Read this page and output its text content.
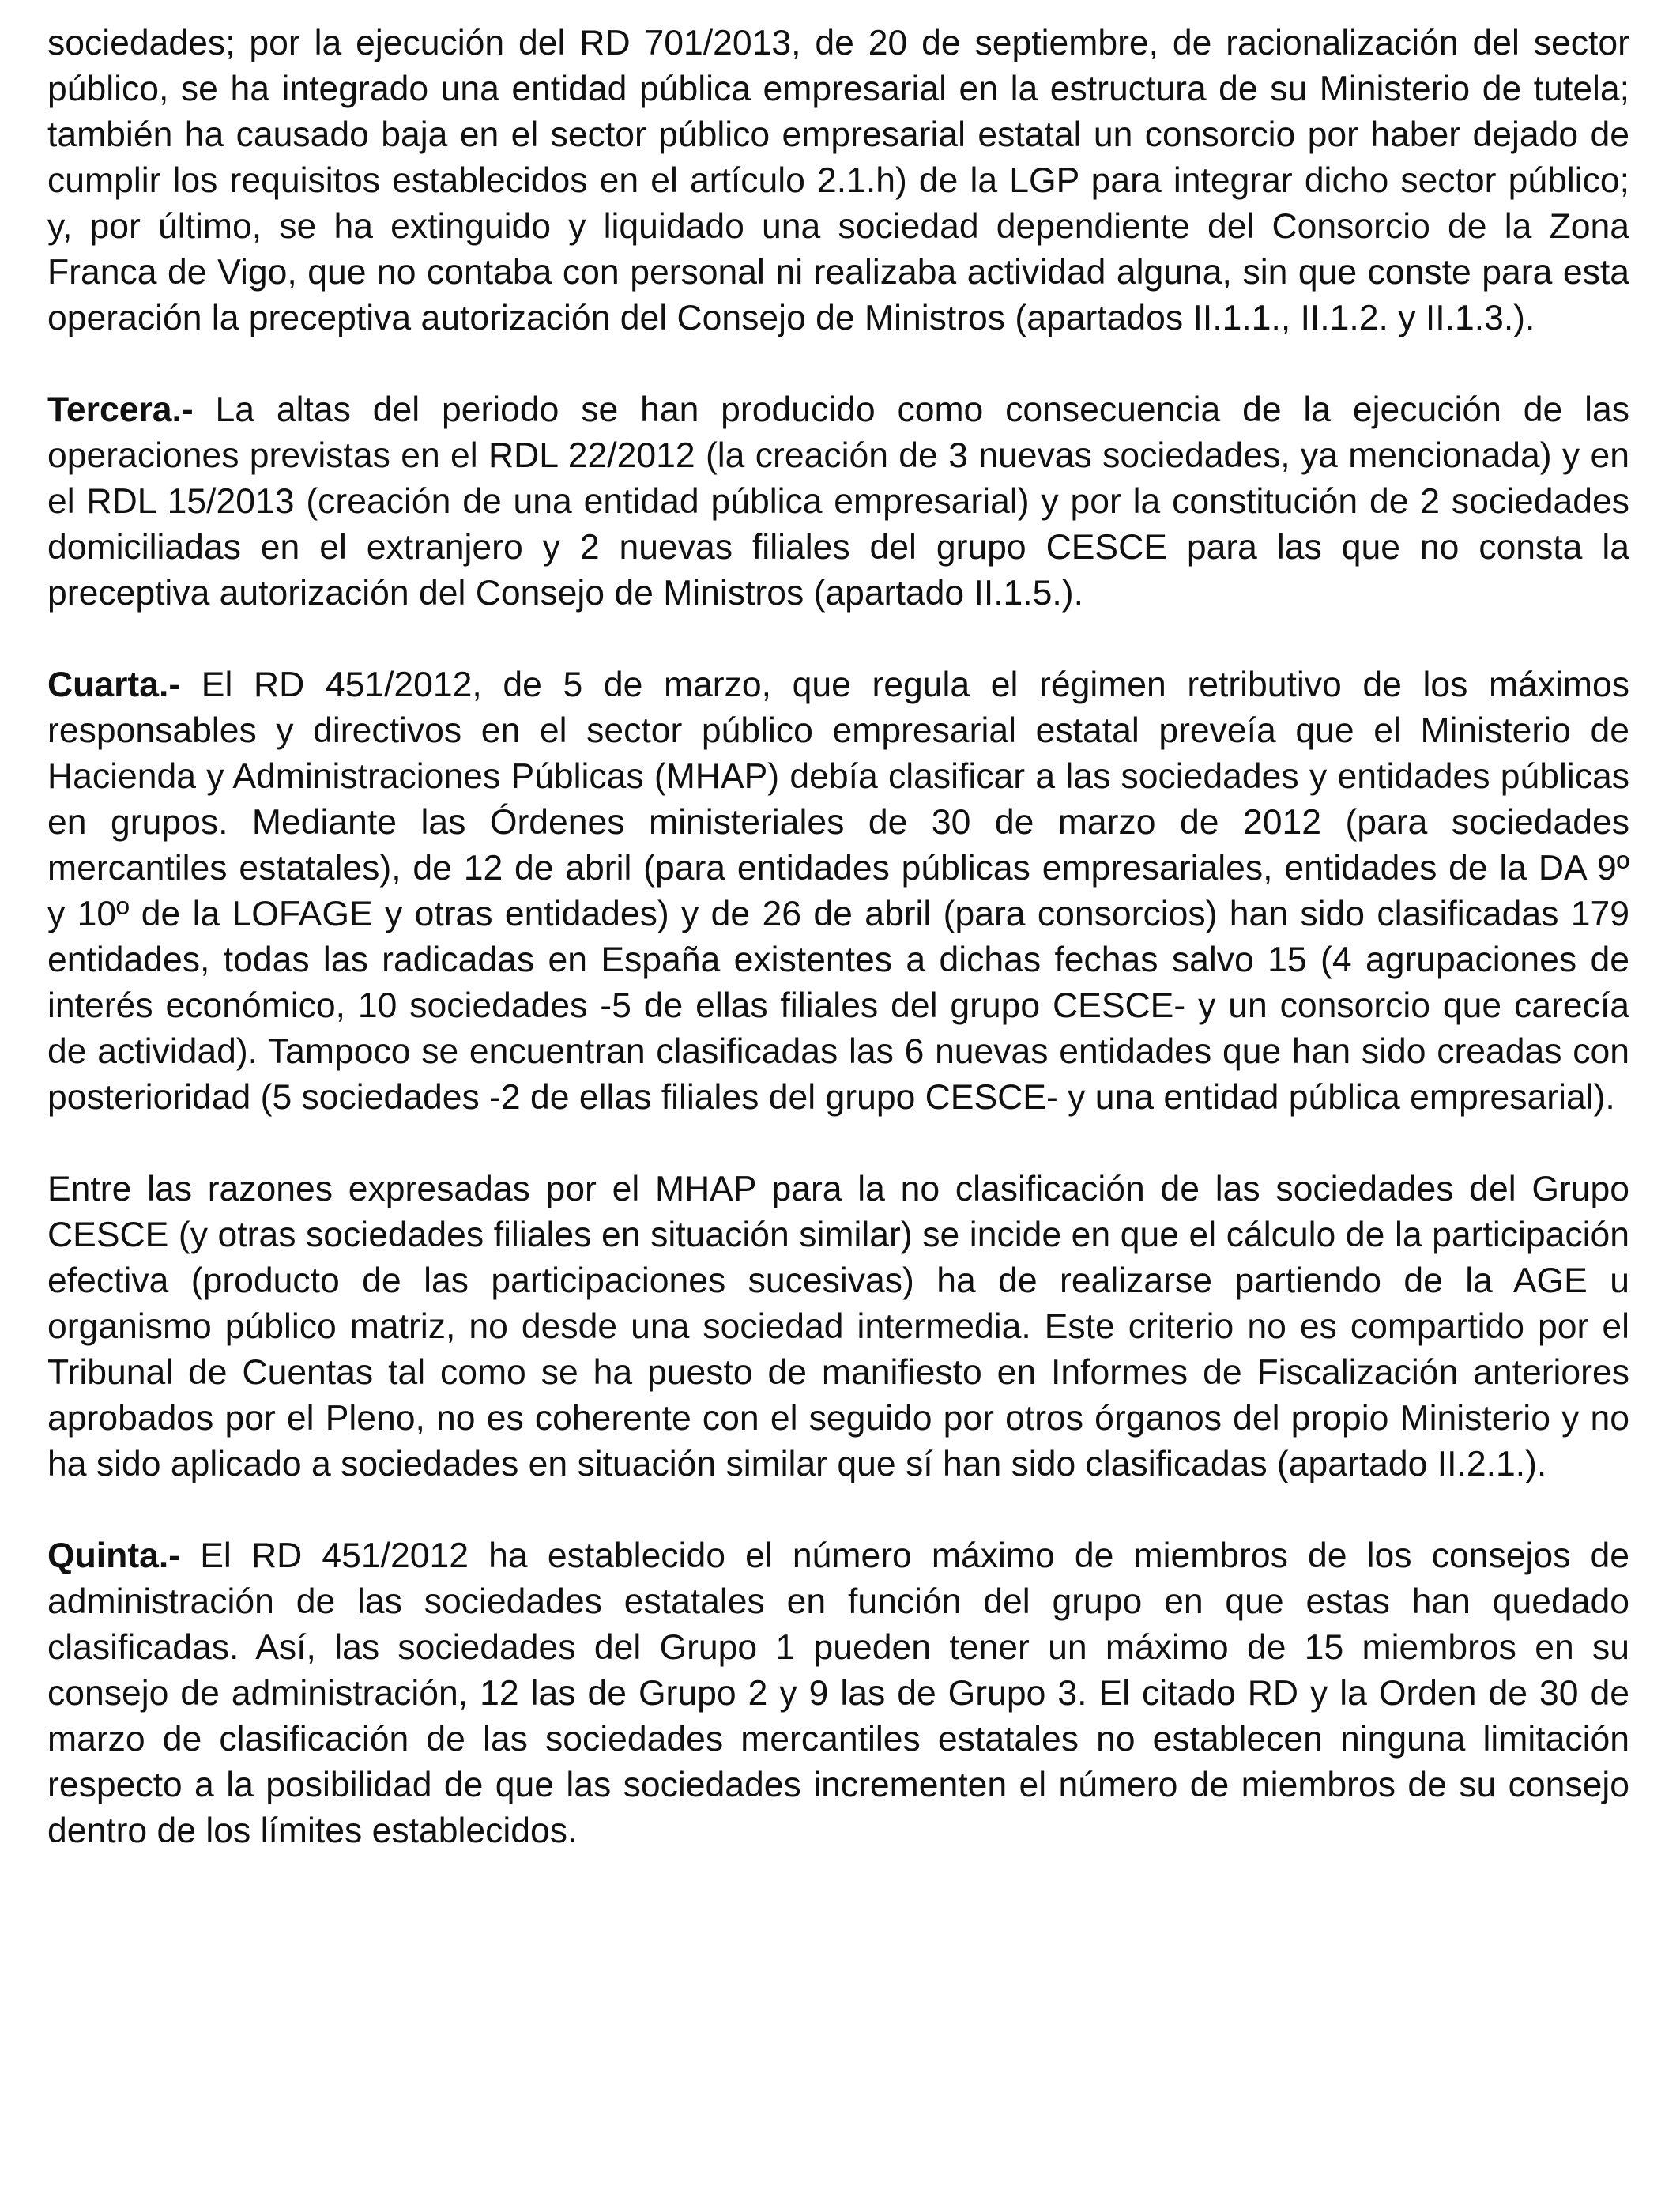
sociedades; por la ejecución del RD 701/2013, de 20 de septiembre, de racionalización del sector público, se ha integrado una entidad pública empresarial en la estructura de su Ministerio de tutela; también ha causado baja en el sector público empresarial estatal un consorcio por haber dejado de cumplir los requisitos establecidos en el artículo 2.1.h) de la LGP para integrar dicho sector público; y, por último, se ha extinguido y liquidado una sociedad dependiente del Consorcio de la Zona Franca de Vigo, que no contaba con personal ni realizaba actividad alguna, sin que conste para esta operación la preceptiva autorización del Consejo de Ministros (apartados II.1.1., II.1.2. y II.1.3.).

Tercera.- La altas del periodo se han producido como consecuencia de la ejecución de las operaciones previstas en el RDL 22/2012 (la creación de 3 nuevas sociedades, ya mencionada) y en el RDL 15/2013 (creación de una entidad pública empresarial) y por la constitución de 2 sociedades domiciliadas en el extranjero y 2 nuevas filiales del grupo CESCE para las que no consta la preceptiva autorización del Consejo de Ministros (apartado II.1.5.).

Cuarta.- El RD 451/2012, de 5 de marzo, que regula el régimen retributivo de los máximos responsables y directivos en el sector público empresarial estatal preveía que el Ministerio de Hacienda y Administraciones Públicas (MHAP) debía clasificar a las sociedades y entidades públicas en grupos. Mediante las Órdenes ministeriales de 30 de marzo de 2012 (para sociedades mercantiles estatales), de 12 de abril (para entidades públicas empresariales, entidades de la DA 9º y 10º de la LOFAGE y otras entidades) y de 26 de abril (para consorcios) han sido clasificadas 179 entidades, todas las radicadas en España existentes a dichas fechas salvo 15 (4 agrupaciones de interés económico, 10 sociedades -5 de ellas filiales del grupo CESCE- y un consorcio que carecía de actividad). Tampoco se encuentran clasificadas las 6 nuevas entidades que han sido creadas con posterioridad (5 sociedades -2 de ellas filiales del grupo CESCE- y una entidad pública empresarial).

Entre las razones expresadas por el MHAP para la no clasificación de las sociedades del Grupo CESCE (y otras sociedades filiales en situación similar) se incide en que el cálculo de la participación efectiva (producto de las participaciones sucesivas) ha de realizarse partiendo de la AGE u organismo público matriz, no desde una sociedad intermedia. Este criterio no es compartido por el Tribunal de Cuentas tal como se ha puesto de manifiesto en Informes de Fiscalización anteriores aprobados por el Pleno, no es coherente con el seguido por otros órganos del propio Ministerio y no ha sido aplicado a sociedades en situación similar que sí han sido clasificadas (apartado II.2.1.).

Quinta.- El RD 451/2012 ha establecido el número máximo de miembros de los consejos de administración de las sociedades estatales en función del grupo en que estas han quedado clasificadas. Así, las sociedades del Grupo 1 pueden tener un máximo de 15 miembros en su consejo de administración, 12 las de Grupo 2 y 9 las de Grupo 3. El citado RD y la Orden de 30 de marzo de clasificación de las sociedades mercantiles estatales no establecen ninguna limitación respecto a la posibilidad de que las sociedades incrementen el número de miembros de su consejo dentro de los límites establecidos.
